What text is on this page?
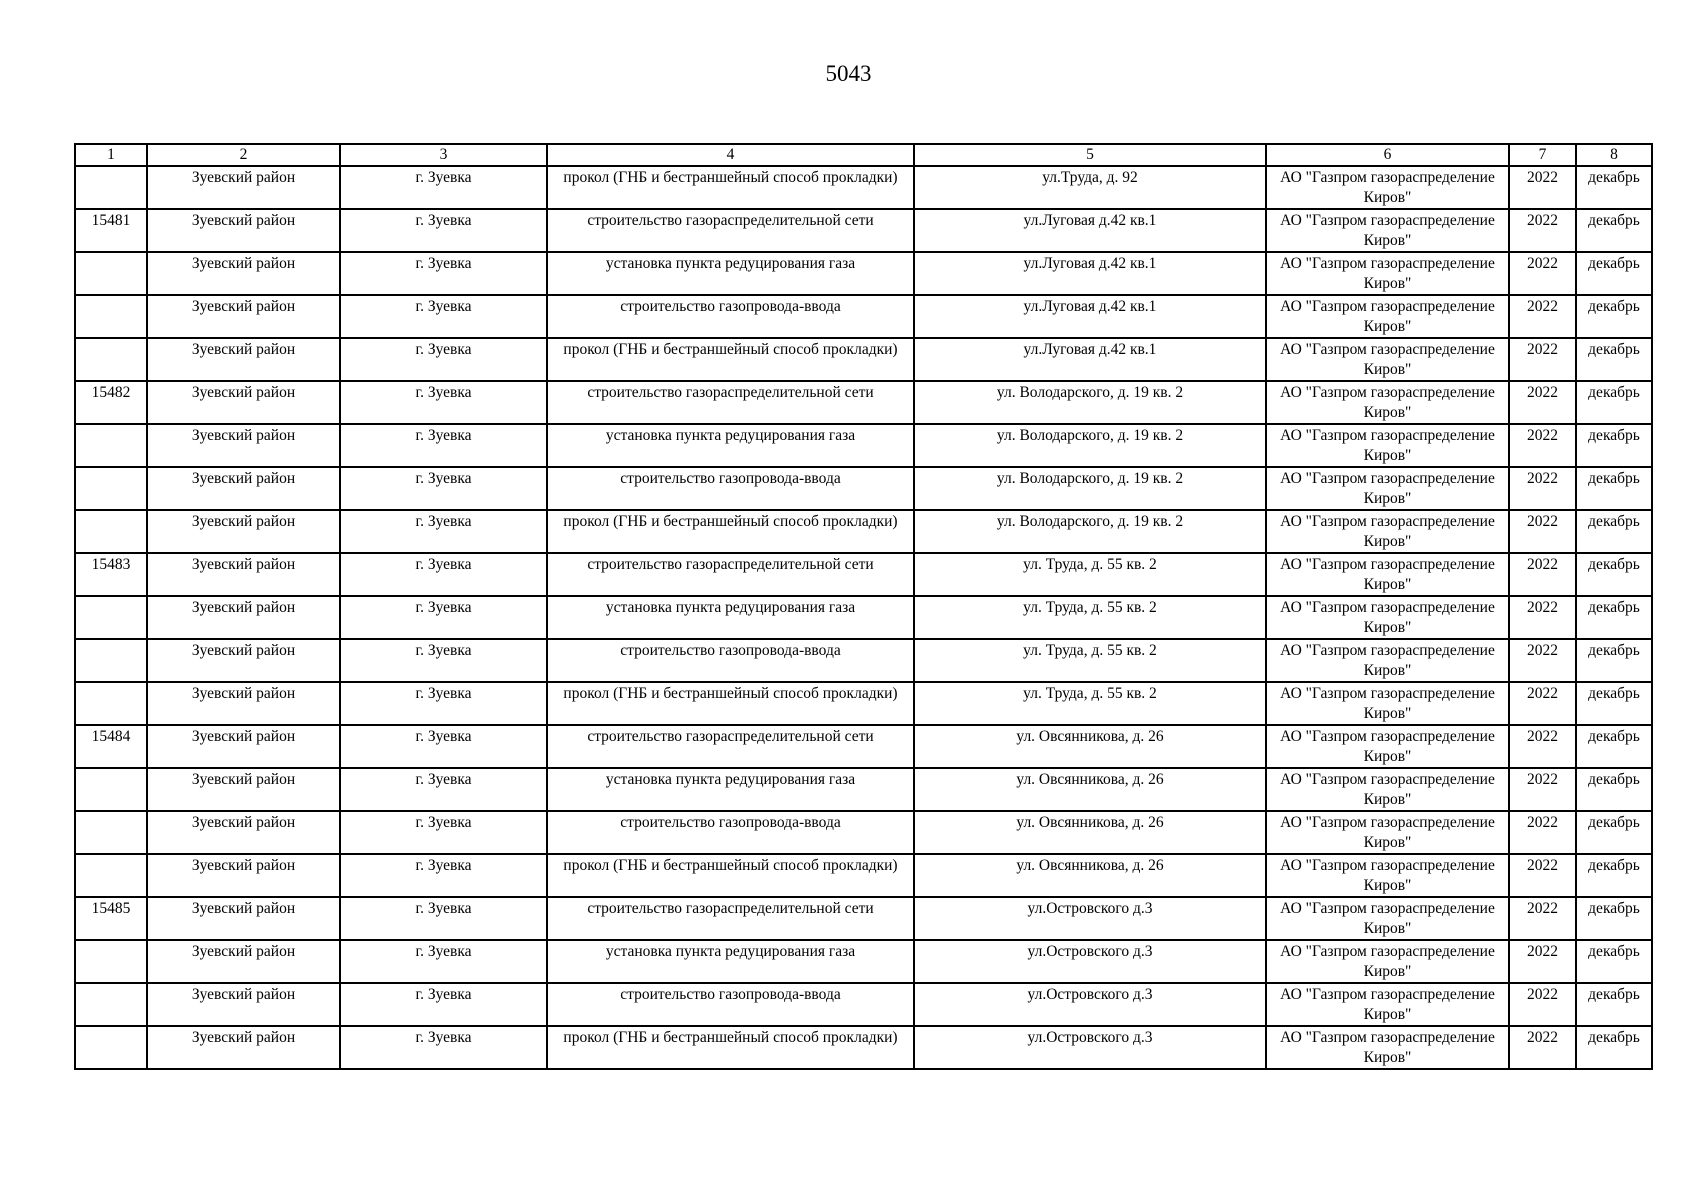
5043
1	2	3	4	5	6	7	8
	Зуевский район	г. Зуевка	прокол (ГНБ и бестраншейный способ прокладки)	ул.Труда, д. 92	АО "Газпром газораспределение Киров"	2022	декабрь
15481	Зуевский район	г. Зуевка	строительство газораспределительной сети	ул.Луговая д.42 кв.1	АО "Газпром газораспределение Киров"	2022	декабрь
	Зуевский район	г. Зуевка	установка пункта редуцирования газа	ул.Луговая д.42 кв.1	АО "Газпром газораспределение Киров"	2022	декабрь
	Зуевский район	г. Зуевка	строительство газопровода-ввода	ул.Луговая д.42 кв.1	АО "Газпром газораспределение Киров"	2022	декабрь
	Зуевский район	г. Зуевка	прокол (ГНБ и бестраншейный способ прокладки)	ул.Луговая д.42 кв.1	АО "Газпром газораспределение Киров"	2022	декабрь
15482	Зуевский район	г. Зуевка	строительство газораспределительной сети	ул. Володарского, д. 19 кв. 2	АО "Газпром газораспределение Киров"	2022	декабрь
	Зуевский район	г. Зуевка	установка пункта редуцирования газа	ул. Володарского, д. 19 кв. 2	АО "Газпром газораспределение Киров"	2022	декабрь
	Зуевский район	г. Зуевка	строительство газопровода-ввода	ул. Володарского, д. 19 кв. 2	АО "Газпром газораспределение Киров"	2022	декабрь
	Зуевский район	г. Зуевка	прокол (ГНБ и бестраншейный способ прокладки)	ул. Володарского, д. 19 кв. 2	АО "Газпром газораспределение Киров"	2022	декабрь
15483	Зуевский район	г. Зуевка	строительство газораспределительной сети	ул. Труда, д. 55 кв. 2	АО "Газпром газораспределение Киров"	2022	декабрь
	Зуевский район	г. Зуевка	установка пункта редуцирования газа	ул. Труда, д. 55 кв. 2	АО "Газпром газораспределение Киров"	2022	декабрь
	Зуевский район	г. Зуевка	строительство газопровода-ввода	ул. Труда, д. 55 кв. 2	АО "Газпром газораспределение Киров"	2022	декабрь
	Зуевский район	г. Зуевка	прокол (ГНБ и бестраншейный способ прокладки)	ул. Труда, д. 55 кв. 2	АО "Газпром газораспределение Киров"	2022	декабрь
15484	Зуевский район	г. Зуевка	строительство газораспределительной сети	ул. Овсянникова, д. 26	АО "Газпром газораспределение Киров"	2022	декабрь
	Зуевский район	г. Зуевка	установка пункта редуцирования газа	ул. Овсянникова, д. 26	АО "Газпром газораспределение Киров"	2022	декабрь
	Зуевский район	г. Зуевка	строительство газопровода-ввода	ул. Овсянникова, д. 26	АО "Газпром газораспределение Киров"	2022	декабрь
	Зуевский район	г. Зуевка	прокол (ГНБ и бестраншейный способ прокладки)	ул. Овсянникова, д. 26	АО "Газпром газораспределение Киров"	2022	декабрь
15485	Зуевский район	г. Зуевка	строительство газораспределительной сети	ул.Островского д.3	АО "Газпром газораспределение Киров"	2022	декабрь
	Зуевский район	г. Зуевка	установка пункта редуцирования газа	ул.Островского д.3	АО "Газпром газораспределение Киров"	2022	декабрь
	Зуевский район	г. Зуевка	строительство газопровода-ввода	ул.Островского д.3	АО "Газпром газораспределение Киров"	2022	декабрь
	Зуевский район	г. Зуевка	прокол (ГНБ и бестраншейный способ прокладки)	ул.Островского д.3	АО "Газпром газораспределение Киров"	2022	декабрь
